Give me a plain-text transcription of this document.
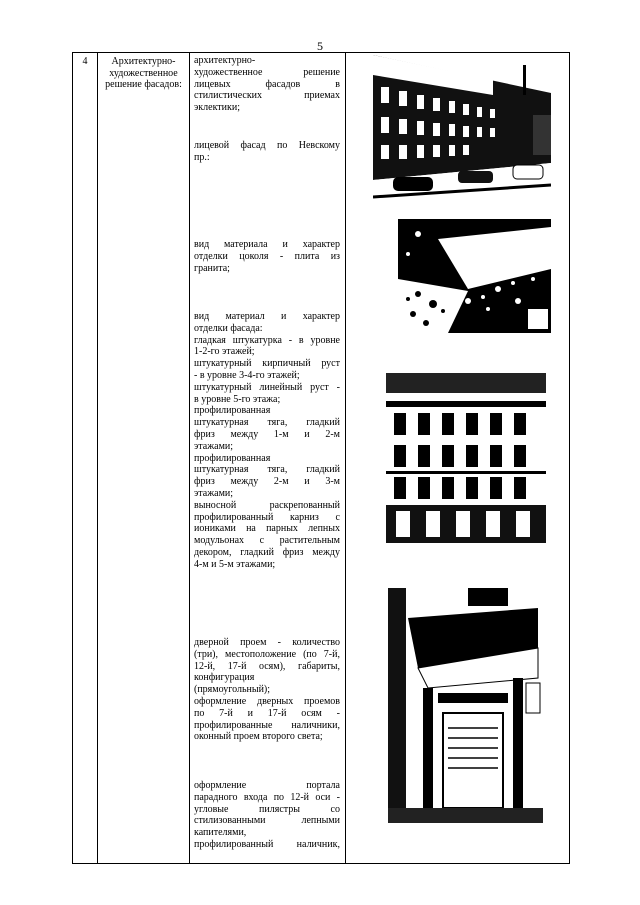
5
4	Архитектурно-
художественное
решение фасадов:
архитектурно-
художественное решение
лицевых фасадов в
стилистических приемах
эклектики;
лицевой фасад по Невскому
пр.:
вид материала и характер
отделки цоколя - плита из
гранита;
вид материал и характер
отделки фасада:
гладкая штукатурка - в уровне
1-2-го этажей;
штукатурный кирпичный руст
- в уровне 3-4-го этажей;
штукатурный линейный руст -
в уровне 5-го этажа;
профилированная
штукатурная тяга, гладкий
фриз между 1-м и 2-м
этажами;
профилированная
штукатурная тяга, гладкий
фриз между 2-м и 3-м
этажами;
выносной раскрепованный
профилированный карниз с
иониками на парных лепных
модульонах с растительным
декором, гладкий фриз между
4-м и 5-м этажами;
дверной проем - количество
(три), местоположение (по 7-й,
12-й, 17-й осям), габариты,
конфигурация
(прямоугольный);
оформление дверных проемов
по 7-й и 17-й осям -
профилированные наличники,
оконный проем второго света;
оформление портала
парадного входа по 12-й оси -
угловые пилястры со
стилизованными лепными
капителями,
профилированный наличник,
